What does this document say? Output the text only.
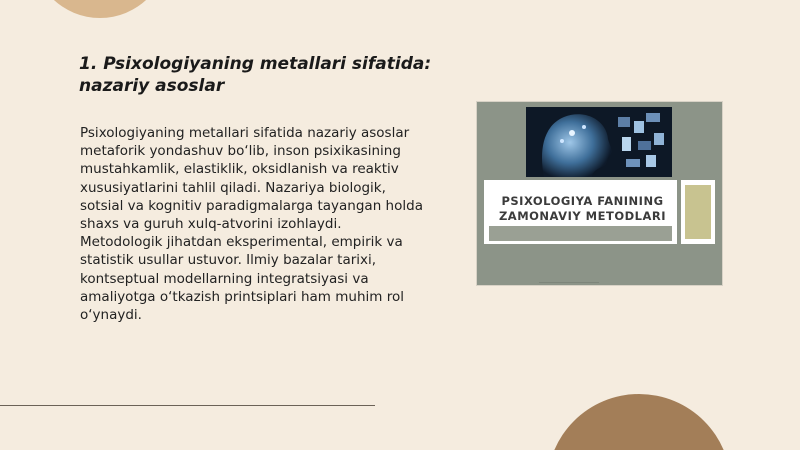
1. Psixologiyaning metallari sifatida: nazariy asoslar

Psixologiyaning metallari sifatida nazariy asoslar metaforik yondashuv bo‘lib, inson psixikasining mustahkamlik, elastiklik, oksidlanish va reaktiv xususiyatlarini tahlil qiladi. Nazariya biologik, sotsial va kognitiv paradigmalarga tayangan holda shaxs va guruh xulq-atvorini izohlaydi. Metodologik jihatdan eksperimental, empirik va statistik usullar ustuvor. Ilmiy bazalar tarixi, kontseptual modellarning integratsiyasi va amaliyotga o‘tkazish printsiplari ham muhim rol o‘ynaydi.

PSIXOLOGIYA FANINING ZAMONAVIY METODLARI
